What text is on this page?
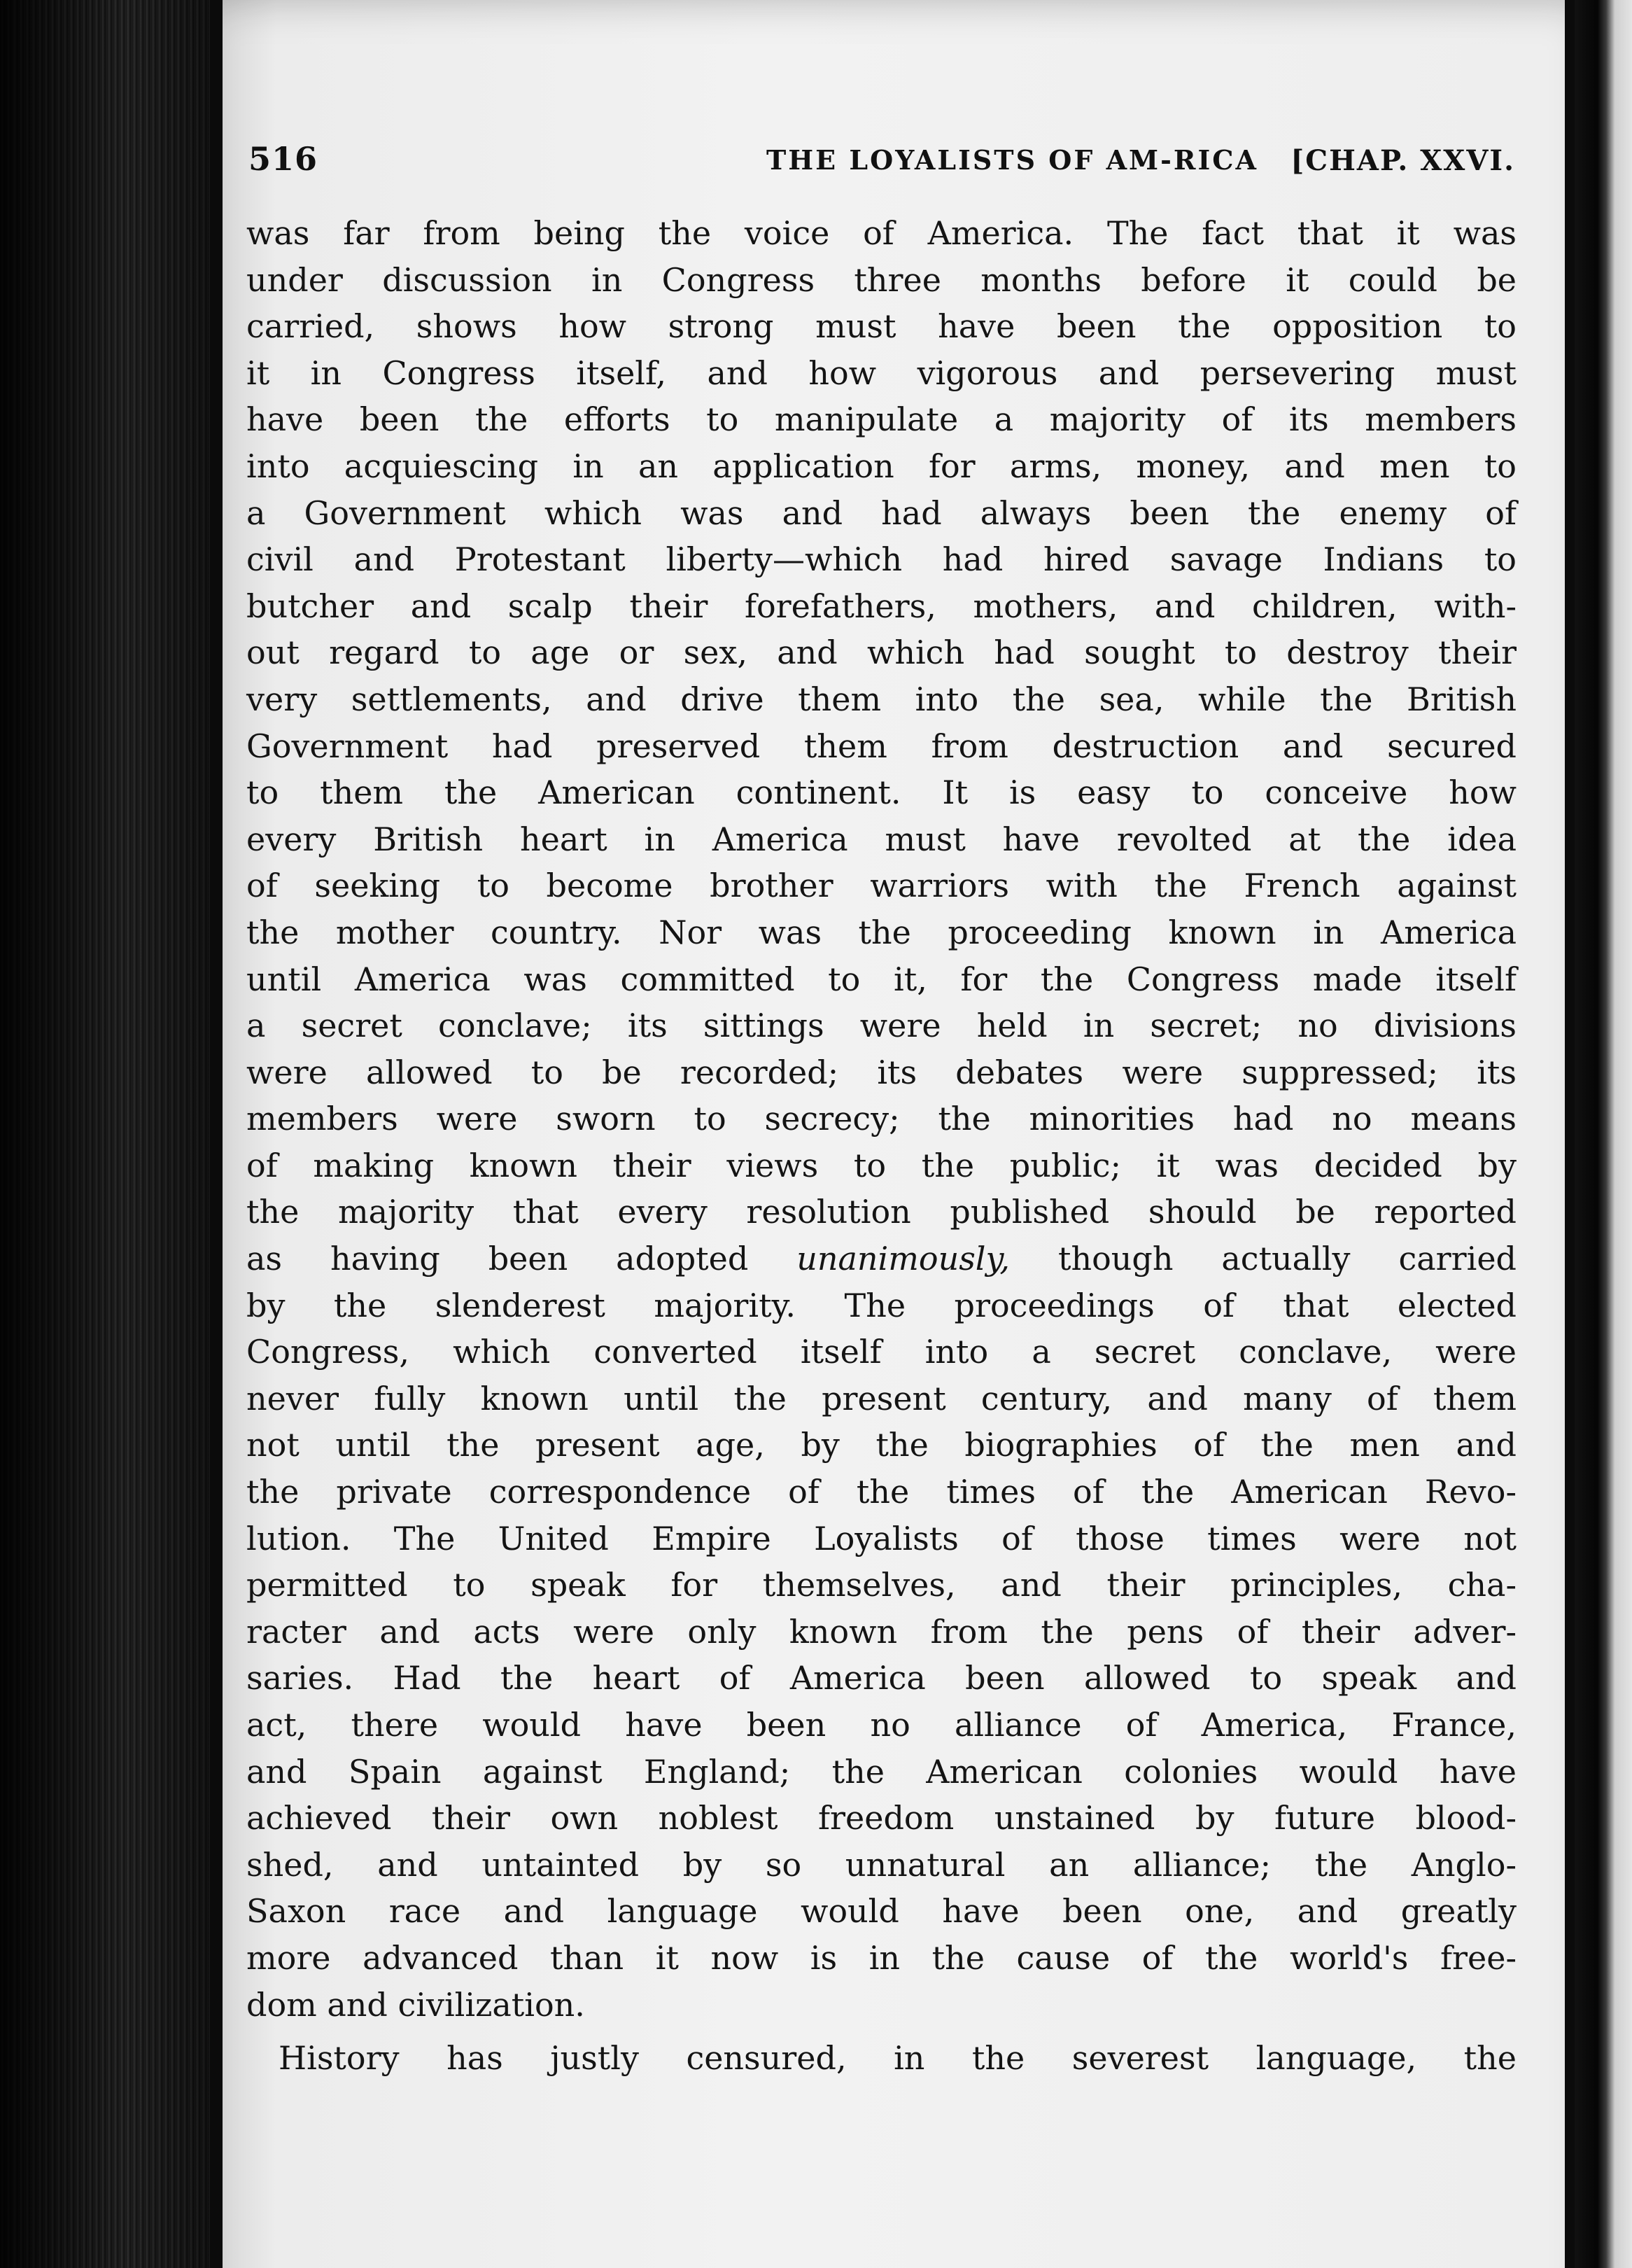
516	THE LOYALISTS OF AM‐RICA [CHAP. XXVI.
was far from being the voice of America. The fact that it was
under discussion in Congress three months before it could be
carried, shows how strong must have been the opposition to
it in Congress itself, and how vigorous and persevering must
have been the efforts to manipulate a majority of its members
into acquiescing in an application for arms, money, and men to
a Government which was and had always been the enemy of
civil and Protestant liberty—which had hired savage Indians to
butcher and scalp their forefathers, mothers, and children, with-
out regard to age or sex, and which had sought to destroy their
very settlements, and drive them into the sea, while the British
Government had preserved them from destruction and secured
to them the American continent. It is easy to conceive how
every British heart in America must have revolted at the idea
of seeking to become brother warriors with the French against
the mother country. Nor was the proceeding known in America
until America was committed to it, for the Congress made itself
a secret conclave; its sittings were held in secret; no divisions
were allowed to be recorded; its debates were suppressed; its
members were sworn to secrecy; the minorities had no means
of making known their views to the public; it was decided by
the majority that every resolution published should be reported
as having been adopted unanimously, though actually carried
by the slenderest majority. The proceedings of that elected
Congress, which converted itself into a secret conclave, were
never fully known until the present century, and many of them
not until the present age, by the biographies of the men and
the private correspondence of the times of the American Revo-
lution. The United Empire Loyalists of those times were not
permitted to speak for themselves, and their principles, cha-
racter and acts were only known from the pens of their adver-
saries. Had the heart of America been allowed to speak and
act, there would have been no alliance of America, France,
and Spain against England; the American colonies would have
achieved their own noblest freedom unstained by future blood-
shed, and untainted by so unnatural an alliance; the Anglo-
Saxon race and language would have been one, and greatly
more advanced than it now is in the cause of the world's free-
dom and civilization.
History has justly censured, in the severest language, the
